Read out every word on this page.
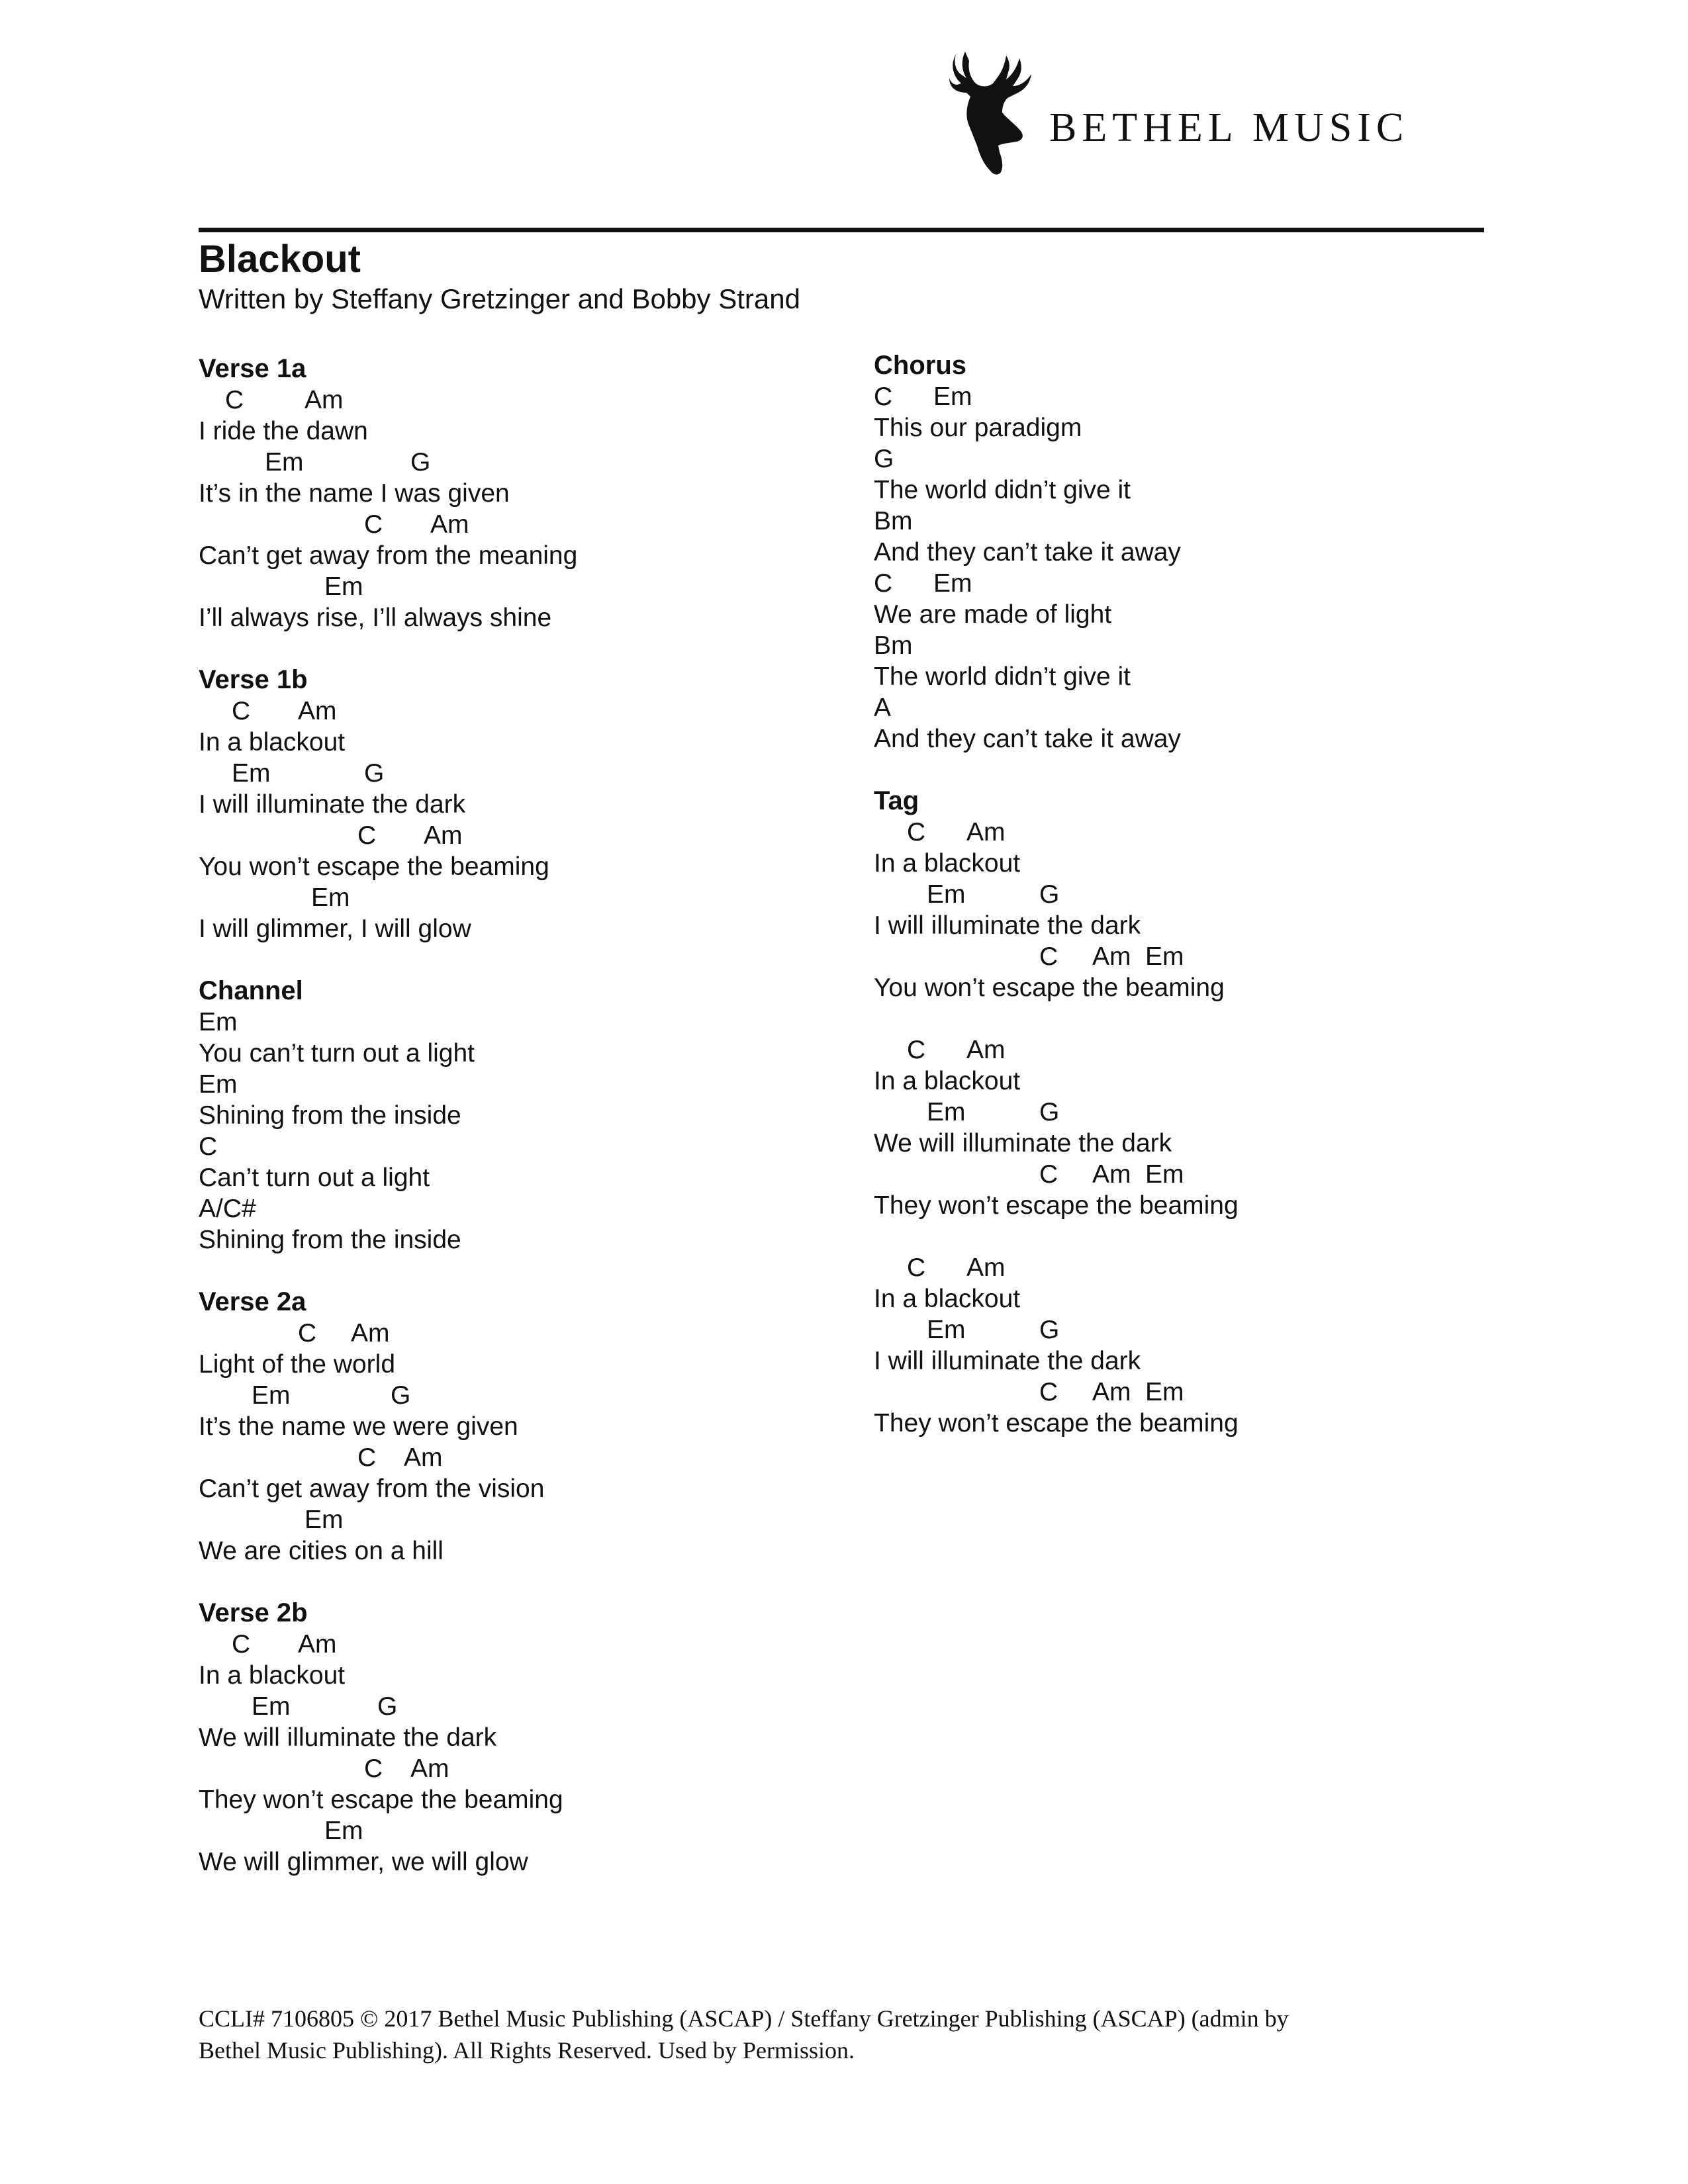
BETHEL MUSIC
Blackout
Written by Steffany Gretzinger and Bobby Strand
Verse 1a
C Am
I ride the dawn
Em	G
It’s in the name I was given
C Am
Can’t get away from the meaning
Em
I’ll always rise, I’ll always shine
Verse 1b
C Am
In a blackout
Em	G
I will illuminate the dark
C Am
You won’t escape the beaming
Em
I will glimmer, I will glow
Channel
Em
You can’t turn out a light
Em
Shining from the inside
C
Can’t turn out a light
A/C#
Shining from the inside
Verse 2a
C Am
Light of the world
Em	G
It’s the name we were given
C Am
Can’t get away from the vision
Em
We are cities on a hill
Verse 2b
C Am
In a blackout
Em	G
We will illuminate the dark
C Am
They won’t escape the beaming
Em
We will glimmer, we will glow
Chorus
C Em
This our paradigm
G
The world didn’t give it
Bm
And they can’t take it away
C Em
We are made of light
Bm
The world didn’t give it
A
And they can’t take it away
Tag
C Am
In a blackout
Em	G
I will illuminate the dark
C Am Em
You won’t escape the beaming
C Am
In a blackout
Em	G
We will illuminate the dark
C Am Em
They won’t escape the beaming
C Am
In a blackout
Em	G
I will illuminate the dark
C Am Em
They won’t escape the beaming
CCLI# 7106805 © 2017 Bethel Music Publishing (ASCAP) / Steffany Gretzinger Publishing (ASCAP) (admin by
Bethel Music Publishing). All Rights Reserved. Used by Permission.
